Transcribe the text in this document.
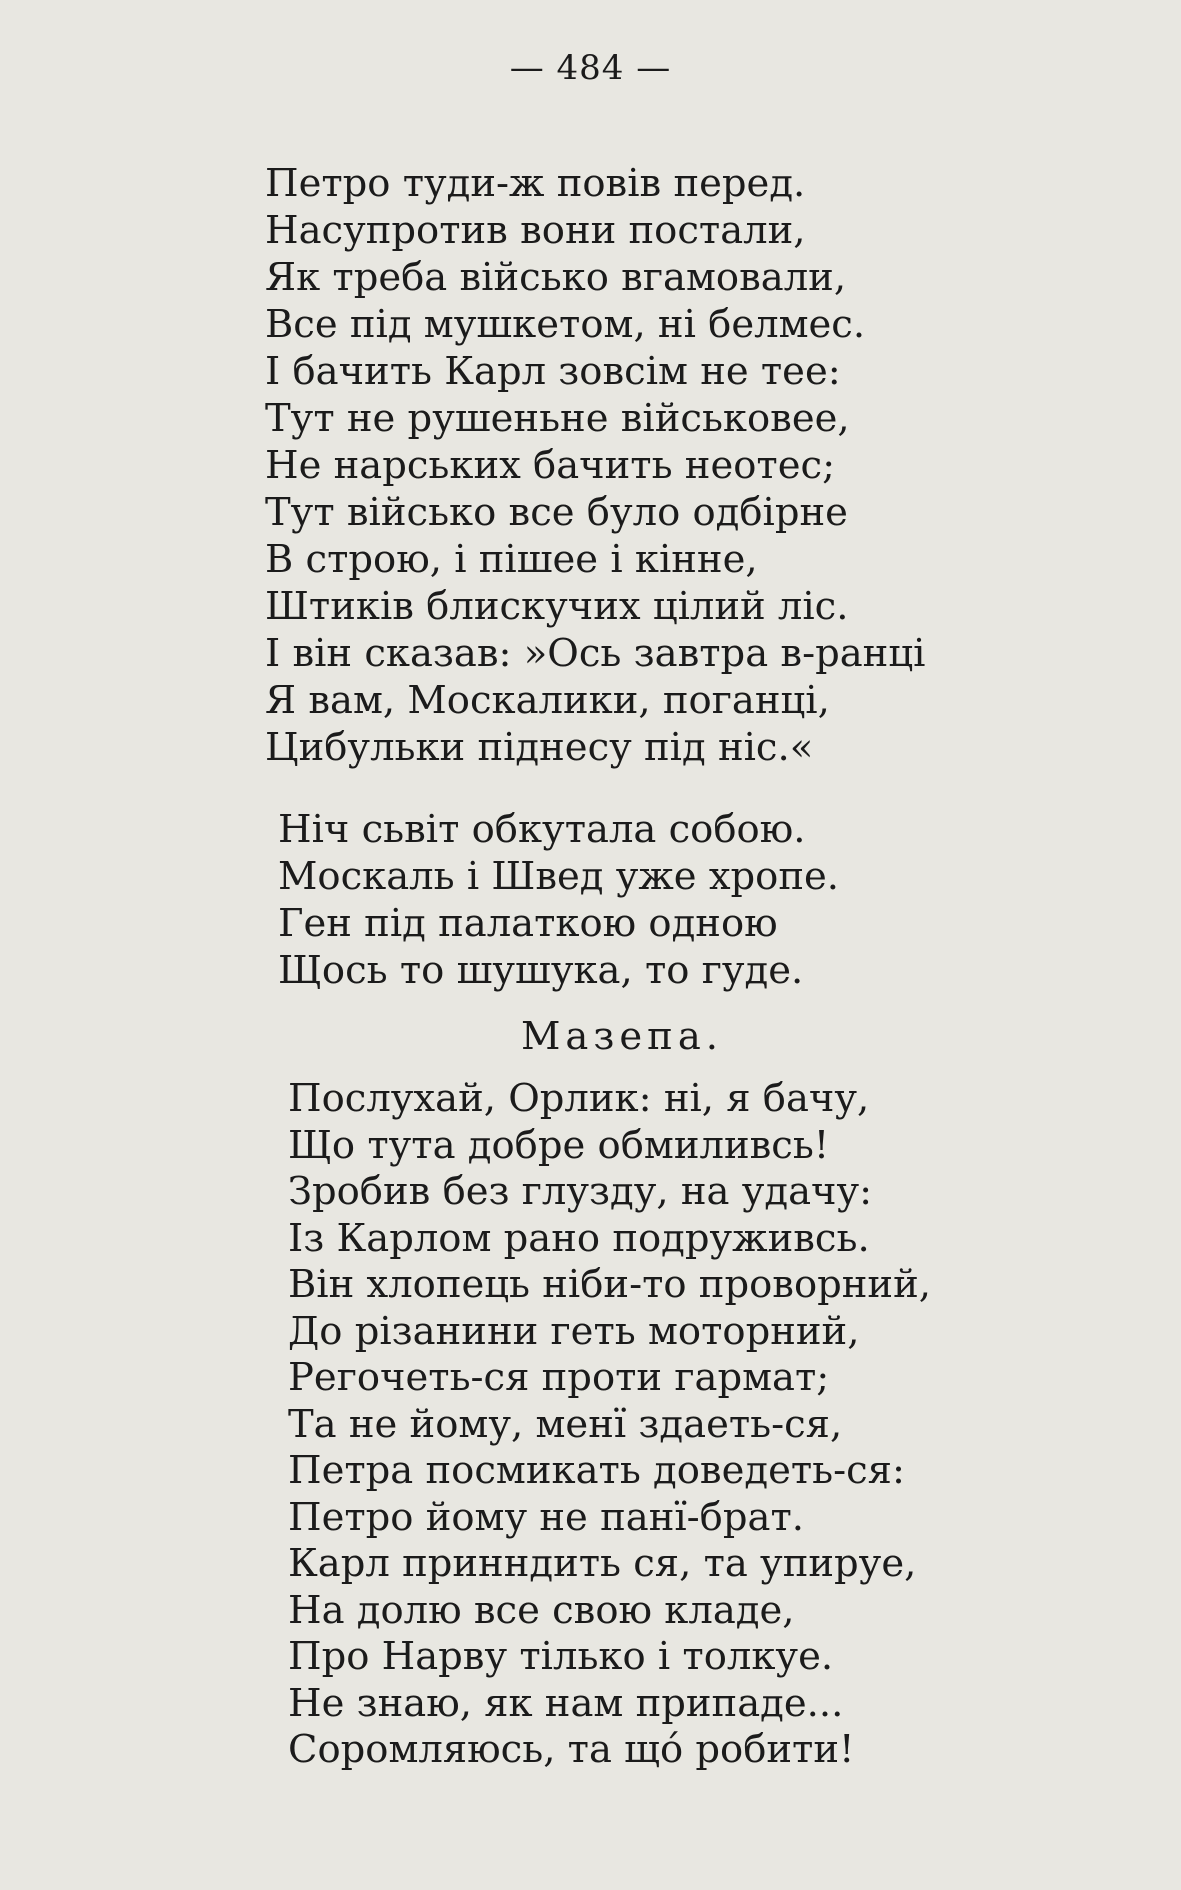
— 484 —
Петро туди-ж повів перед.
Насупротив вони постали,
Як треба військо вгамовали,
Все під мушкетом, ні белмес.
І бачить Карл зовсім не тее:
Тут не рушеньне військовее,
Не нарських бачить неотес;
Тут військо все було одбірне
В строю, і пішее і кінне,
Штиків блискучих цілий ліс.
І він сказав: »Ось завтра в-ранці
Я вам, Москалики, поганці,
Цибульки піднесу під ніс.«
Ніч сьвіт обкутала собою.
Москаль і Швед уже хропе.
Ген під палаткою одною
Щось то шушука, то гуде.
Мазепа.
Послухай, Орлик: ні, я бачу,
Що тута добре обмиливсь!
Зробив без глузду, на удачу:
Із Карлом рано подруживсь.
Він хлопець ніби-то проворний,
До різанини геть моторний,
Регочеть-ся проти гармат;
Та не йому, менї здаеть-ся,
Петра посмикать доведеть-ся:
Петро йому не панї-брат.
Карл принндить ся, та упируе,
На долю все свою кладе,
Про Нарву тілько і толкуе.
Не знаю, як нам припаде...
Соромляюсь, та щó робити!
